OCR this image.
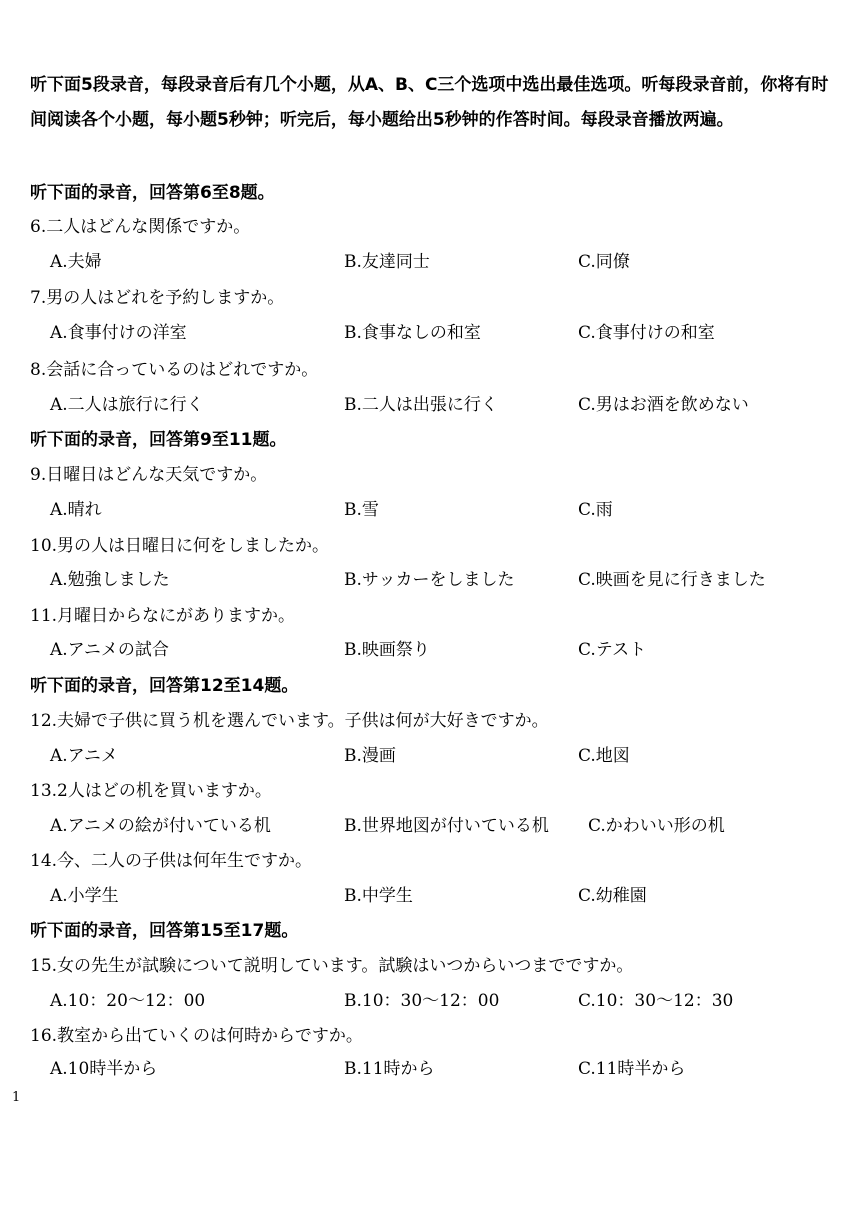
听下面5段录音，每段录音后有几个小题，从A、B、C三个选项中选出最佳选项。听每段录音前，你将有时间阅读各个小题，每小题5秒钟；听完后，每小题给出5秒钟的作答时间。每段录音播放两遍。
听下面的录音，回答第6至8题。
6.二人はどんな関係ですか。
A.夫婦	B.友達同士	C.同僚
7.男の人はどれを予約しますか。
A.食事付けの洋室	B.食事なしの和室	C.食事付けの和室
8.会話に合っているのはどれですか。
A.二人は旅行に行く	B.二人は出張に行く	C.男はお酒を飲めない
听下面的录音，回答第9至11题。
9.日曜日はどんな天気ですか。
A.晴れ	B.雪	C.雨
10.男の人は日曜日に何をしましたか。
A.勉強しました	B.サッカーをしました	C.映画を見に行きました
11.月曜日からなにがありますか。
A.アニメの試合	B.映画祭り	C.テスト
听下面的录音，回答第12至14题。
12.夫婦で子供に買う机を選んでいます。子供は何が大好きですか。
A.アニメ	B.漫画	C.地図
13.2人はどの机を買いますか。
A.アニメの絵が付いている机	B.世界地図が付いている机 C.かわいい形の机
14.今、二人の子供は何年生ですか。
A.小学生	B.中学生	C.幼稚園
听下面的录音，回答第15至17题。
15.女の先生が試験について説明しています。試験はいつからいつまでですか。
A.10：20～12：00	B.10：30～12：00	C.10：30～12：30
16.教室から出ていくのは何時からですか。
A.10時半から	B.11時から	C.11時半から
1
